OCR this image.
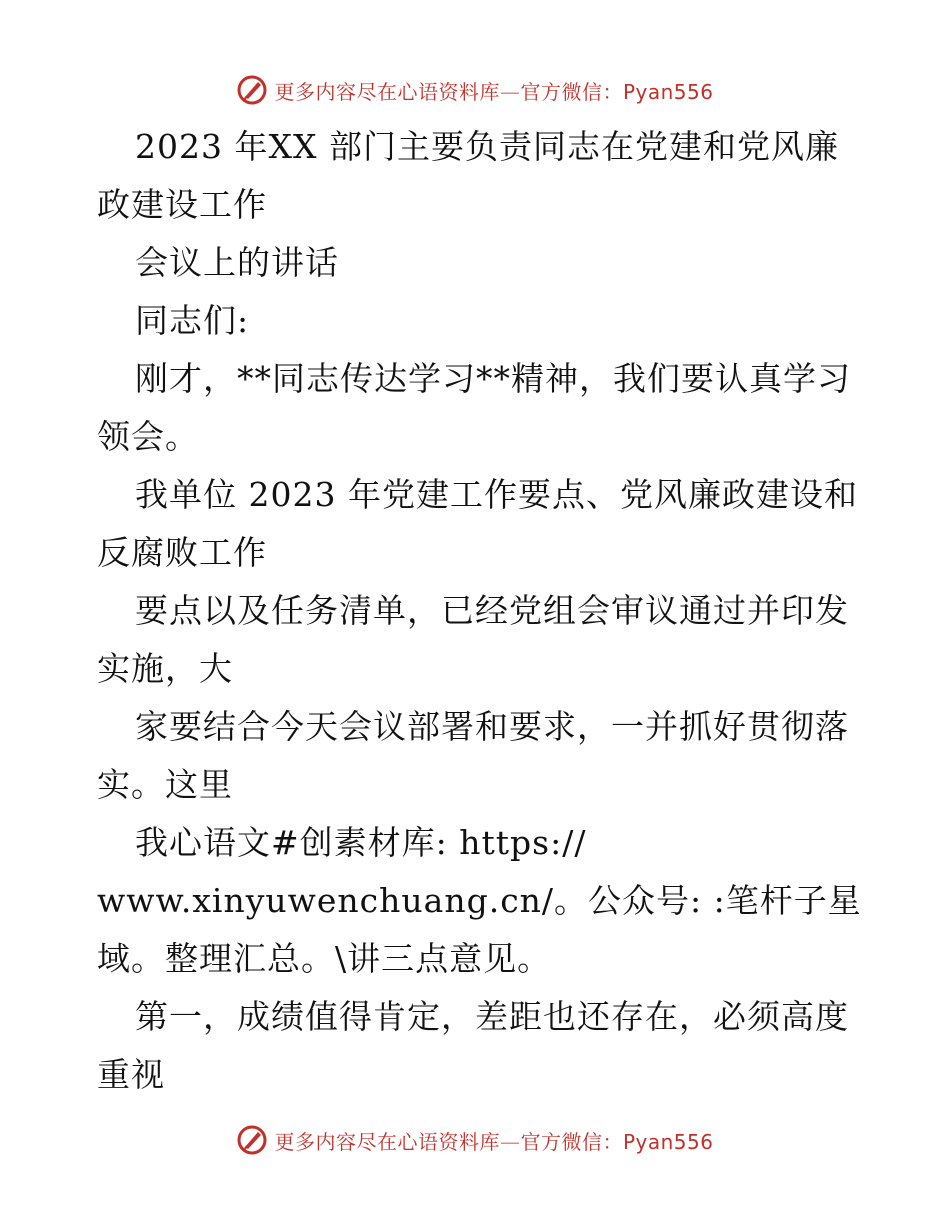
更多内容尽在心语资料库—官方微信：Pyan556
2023 年XX 部门主要负责同志在党建和党风廉
政建设工作
会议上的讲话
同志们:
刚才，**同志传达学习**精神，我们要认真学习
领会。
我单位 2023 年党建工作要点、党风廉政建设和
反腐败工作
要点以及任务清单，已经党组会审议通过并印发
实施，大
家要结合今天会议部署和要求，一并抓好贯彻落
实。这里
我心语文#创素材库: https://
www.xinyuwenchuang.cn/。公众号: :笔杆子星
域。整理汇总。\讲三点意见。
第一，成绩值得肯定，差距也还存在，必须高度
重视
更多内容尽在心语资料库—官方微信：Pyan556
